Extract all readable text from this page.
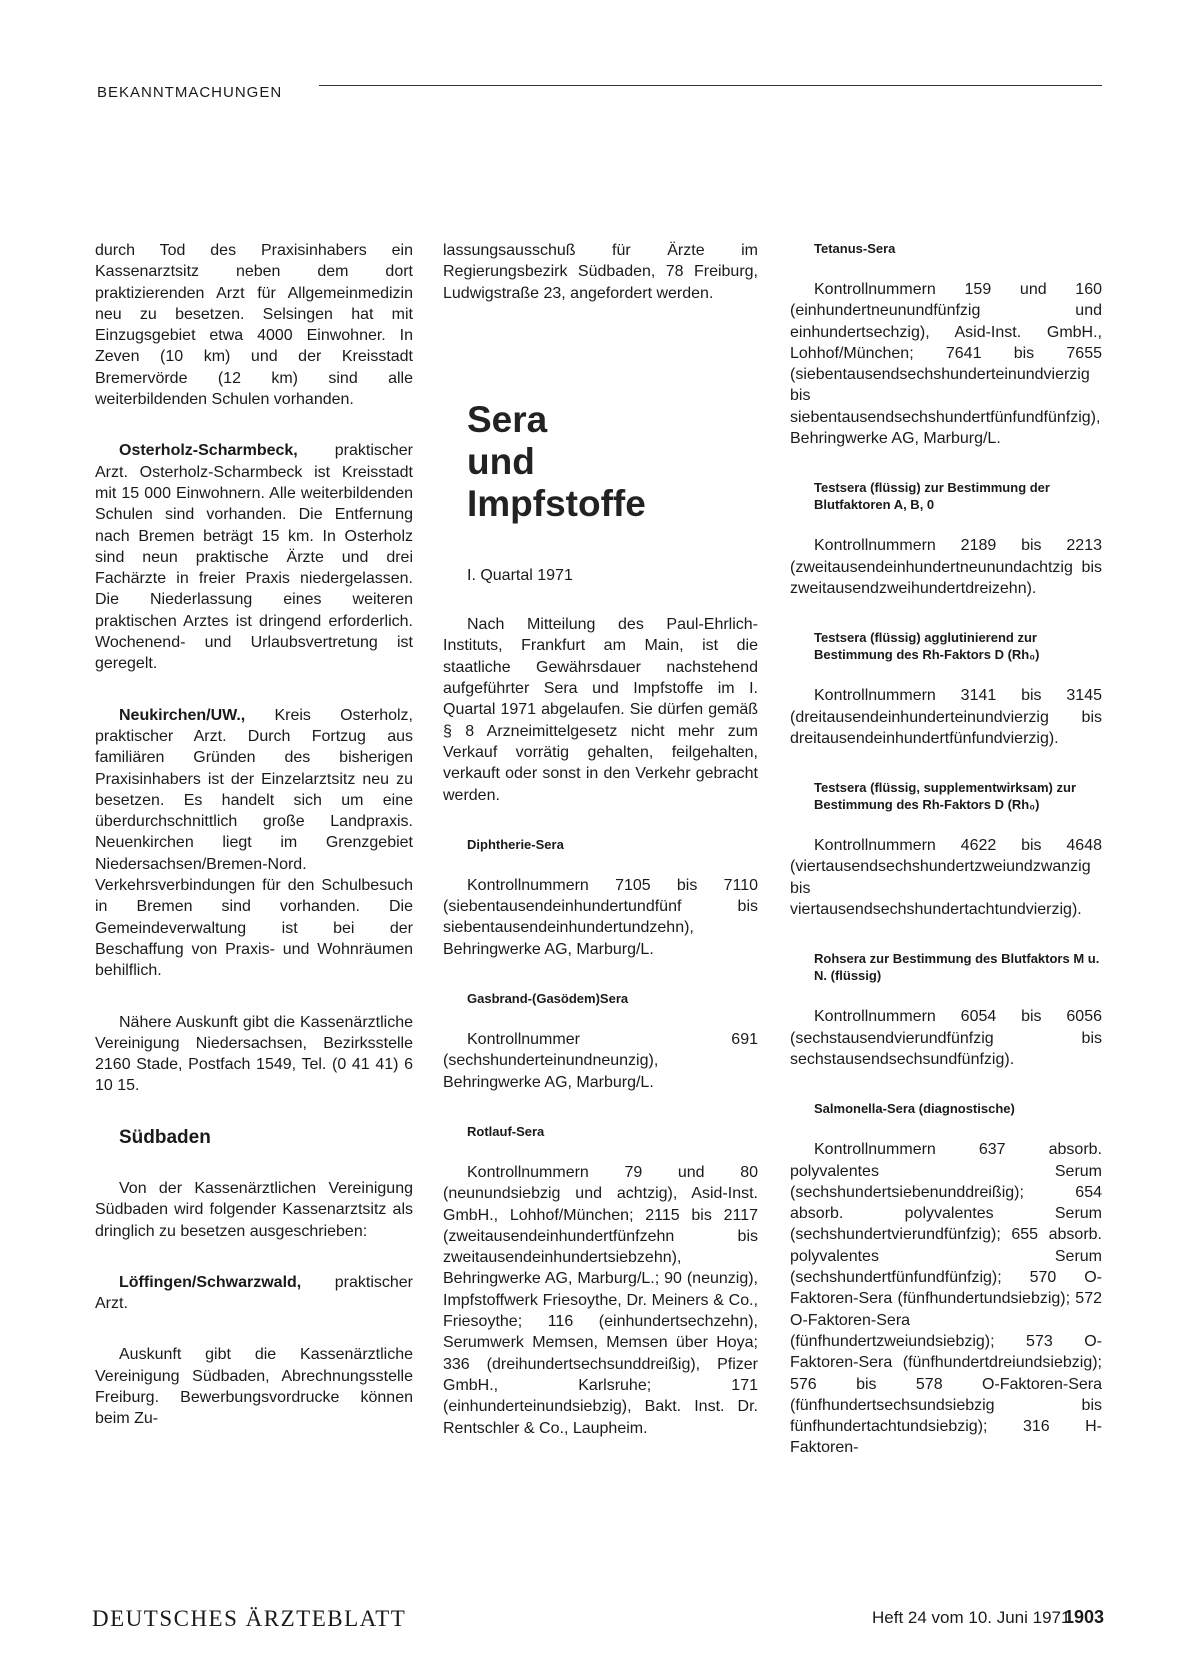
BEKANNTMACHUNGEN

durch Tod des Praxisinhabers ein Kassenarztsitz neben dem dort praktizierenden Arzt für Allgemeinmedizin neu zu besetzen. Selsingen hat mit Einzugsgebiet etwa 4000 Einwohner. In Zeven (10 km) und der Kreisstadt Bremervörde (12 km) sind alle weiterbildenden Schulen vorhanden.

Osterholz-Scharmbeck, praktischer Arzt. Osterholz-Scharmbeck ist Kreisstadt mit 15 000 Einwohnern. Alle weiterbildenden Schulen sind vorhanden. Die Entfernung nach Bremen beträgt 15 km. In Osterholz sind neun praktische Ärzte und drei Fachärzte in freier Praxis niedergelassen. Die Niederlassung eines weiteren praktischen Arztes ist dringend erforderlich. Wochenend- und Urlaubsvertretung ist geregelt.

Neukirchen/UW., Kreis Osterholz, praktischer Arzt. Durch Fortzug aus familiären Gründen des bisherigen Praxisinhabers ist der Einzelarztsitz neu zu besetzen. Es handelt sich um eine überdurchschnittlich große Landpraxis. Neuenkirchen liegt im Grenzgebiet Niedersachsen/Bremen-Nord. Verkehrsverbindungen für den Schulbesuch in Bremen sind vorhanden. Die Gemeindeverwaltung ist bei der Beschaffung von Praxis- und Wohnräumen behilflich.

Nähere Auskunft gibt die Kassenärztliche Vereinigung Niedersachsen, Bezirksstelle 2160 Stade, Postfach 1549, Tel. (0 41 41) 6 10 15.

Südbaden

Von der Kassenärztlichen Vereinigung Südbaden wird folgender Kassenarztsitz als dringlich zu besetzen ausgeschrieben:

Löffingen/Schwarzwald, praktischer Arzt.

Auskunft gibt die Kassenärztliche Vereinigung Südbaden, Abrechnungsstelle Freiburg. Bewerbungsvordrucke können beim Zu-

lassungsausschuß für Ärzte im Regierungsbezirk Südbaden, 78 Freiburg, Ludwigstraße 23, angefordert werden.

Sera
und
Impfstoffe
I. Quartal 1971

Nach Mitteilung des Paul-Ehrlich-Instituts, Frankfurt am Main, ist die staatliche Gewährsdauer nachstehend aufgeführter Sera und Impfstoffe im I. Quartal 1971 abgelaufen. Sie dürfen gemäß § 8 Arzneimittelgesetz nicht mehr zum Verkauf vorrätig gehalten, feilgehalten, verkauft oder sonst in den Verkehr gebracht werden.

Diphtherie-Sera

Kontrollnummern 7105 bis 7110 (siebentausendeinhundertundfünf bis siebentausendeinhundertundzehn), Behringwerke AG, Marburg/L.

Gasbrand-(Gasödem)Sera

Kontrollnummer 691 (sechshunderteinundneunzig), Behringwerke AG, Marburg/L.

Rotlauf-Sera

Kontrollnummern 79 und 80 (neunundsiebzig und achtzig), Asid-Inst. GmbH., Lohhof/München; 2115 bis 2117 (zweitausendeinhundertfünfzehn bis zweitausendeinhundertsiebzehn), Behringwerke AG, Marburg/L.; 90 (neunzig), Impfstoffwerk Friesoythe, Dr. Meiners & Co., Friesoythe; 116 (einhundertsechzehn), Serumwerk Memsen, Memsen über Hoya; 336 (dreihundertsechsunddreißig), Pfizer GmbH., Karlsruhe; 171 (einhunderteinundsiebzig), Bakt. Inst. Dr. Rentschler & Co., Laupheim.

Tetanus-Sera

Kontrollnummern 159 und 160 (einhundertneunundfünfzig und einhundertsechzig), Asid-Inst. GmbH., Lohhof/München; 7641 bis 7655 (siebentausendsechshunderteinundvierzig bis siebentausendsechshundertfünfundfünfzig), Behringwerke AG, Marburg/L.

Testsera (flüssig) zur Bestimmung der Blutfaktoren A, B, 0

Kontrollnummern 2189 bis 2213 (zweitausendeinhundertneunundachtzig bis zweitausendzweihundertdreizehn).

Testsera (flüssig) agglutinierend zur Bestimmung des Rh-Faktors D (Rh₀)

Kontrollnummern 3141 bis 3145 (dreitausendeinhunderteinundvierzig bis dreitausendeinhundertfünfundvierzig).

Testsera (flüssig, supplementwirksam) zur Bestimmung des Rh-Faktors D (Rh₀)

Kontrollnummern 4622 bis 4648 (viertausendsechshundertzweiundzwanzig bis viertausendsechshundertachtundvierzig).

Rohsera zur Bestimmung des Blutfaktors M u. N. (flüssig)

Kontrollnummern 6054 bis 6056 (sechstausendvierundfünfzig bis sechstausendsechsundfünfzig).

Salmonella-Sera (diagnostische)

Kontrollnummern 637 absorb. polyvalentes Serum (sechshundertsiebenunddreißig); 654 absorb. polyvalentes Serum (sechshundertvierundfünfzig); 655 absorb. polyvalentes Serum (sechshundertfünfundfünfzig); 570 O-Faktoren-Sera (fünfhundertundsiebzig); 572 O-Faktoren-Sera (fünfhundertzweiundsiebzig); 573 O-Faktoren-Sera (fünfhundertdreiundsiebzig); 576 bis 578 O-Faktoren-Sera (fünfhundertsechsundsiebzig bis fünfhundertachtundsiebzig); 316 H-Faktoren-

DEUTSCHES ÄRZTEBLATT	Heft 24 vom 10. Juni 1971
1903
